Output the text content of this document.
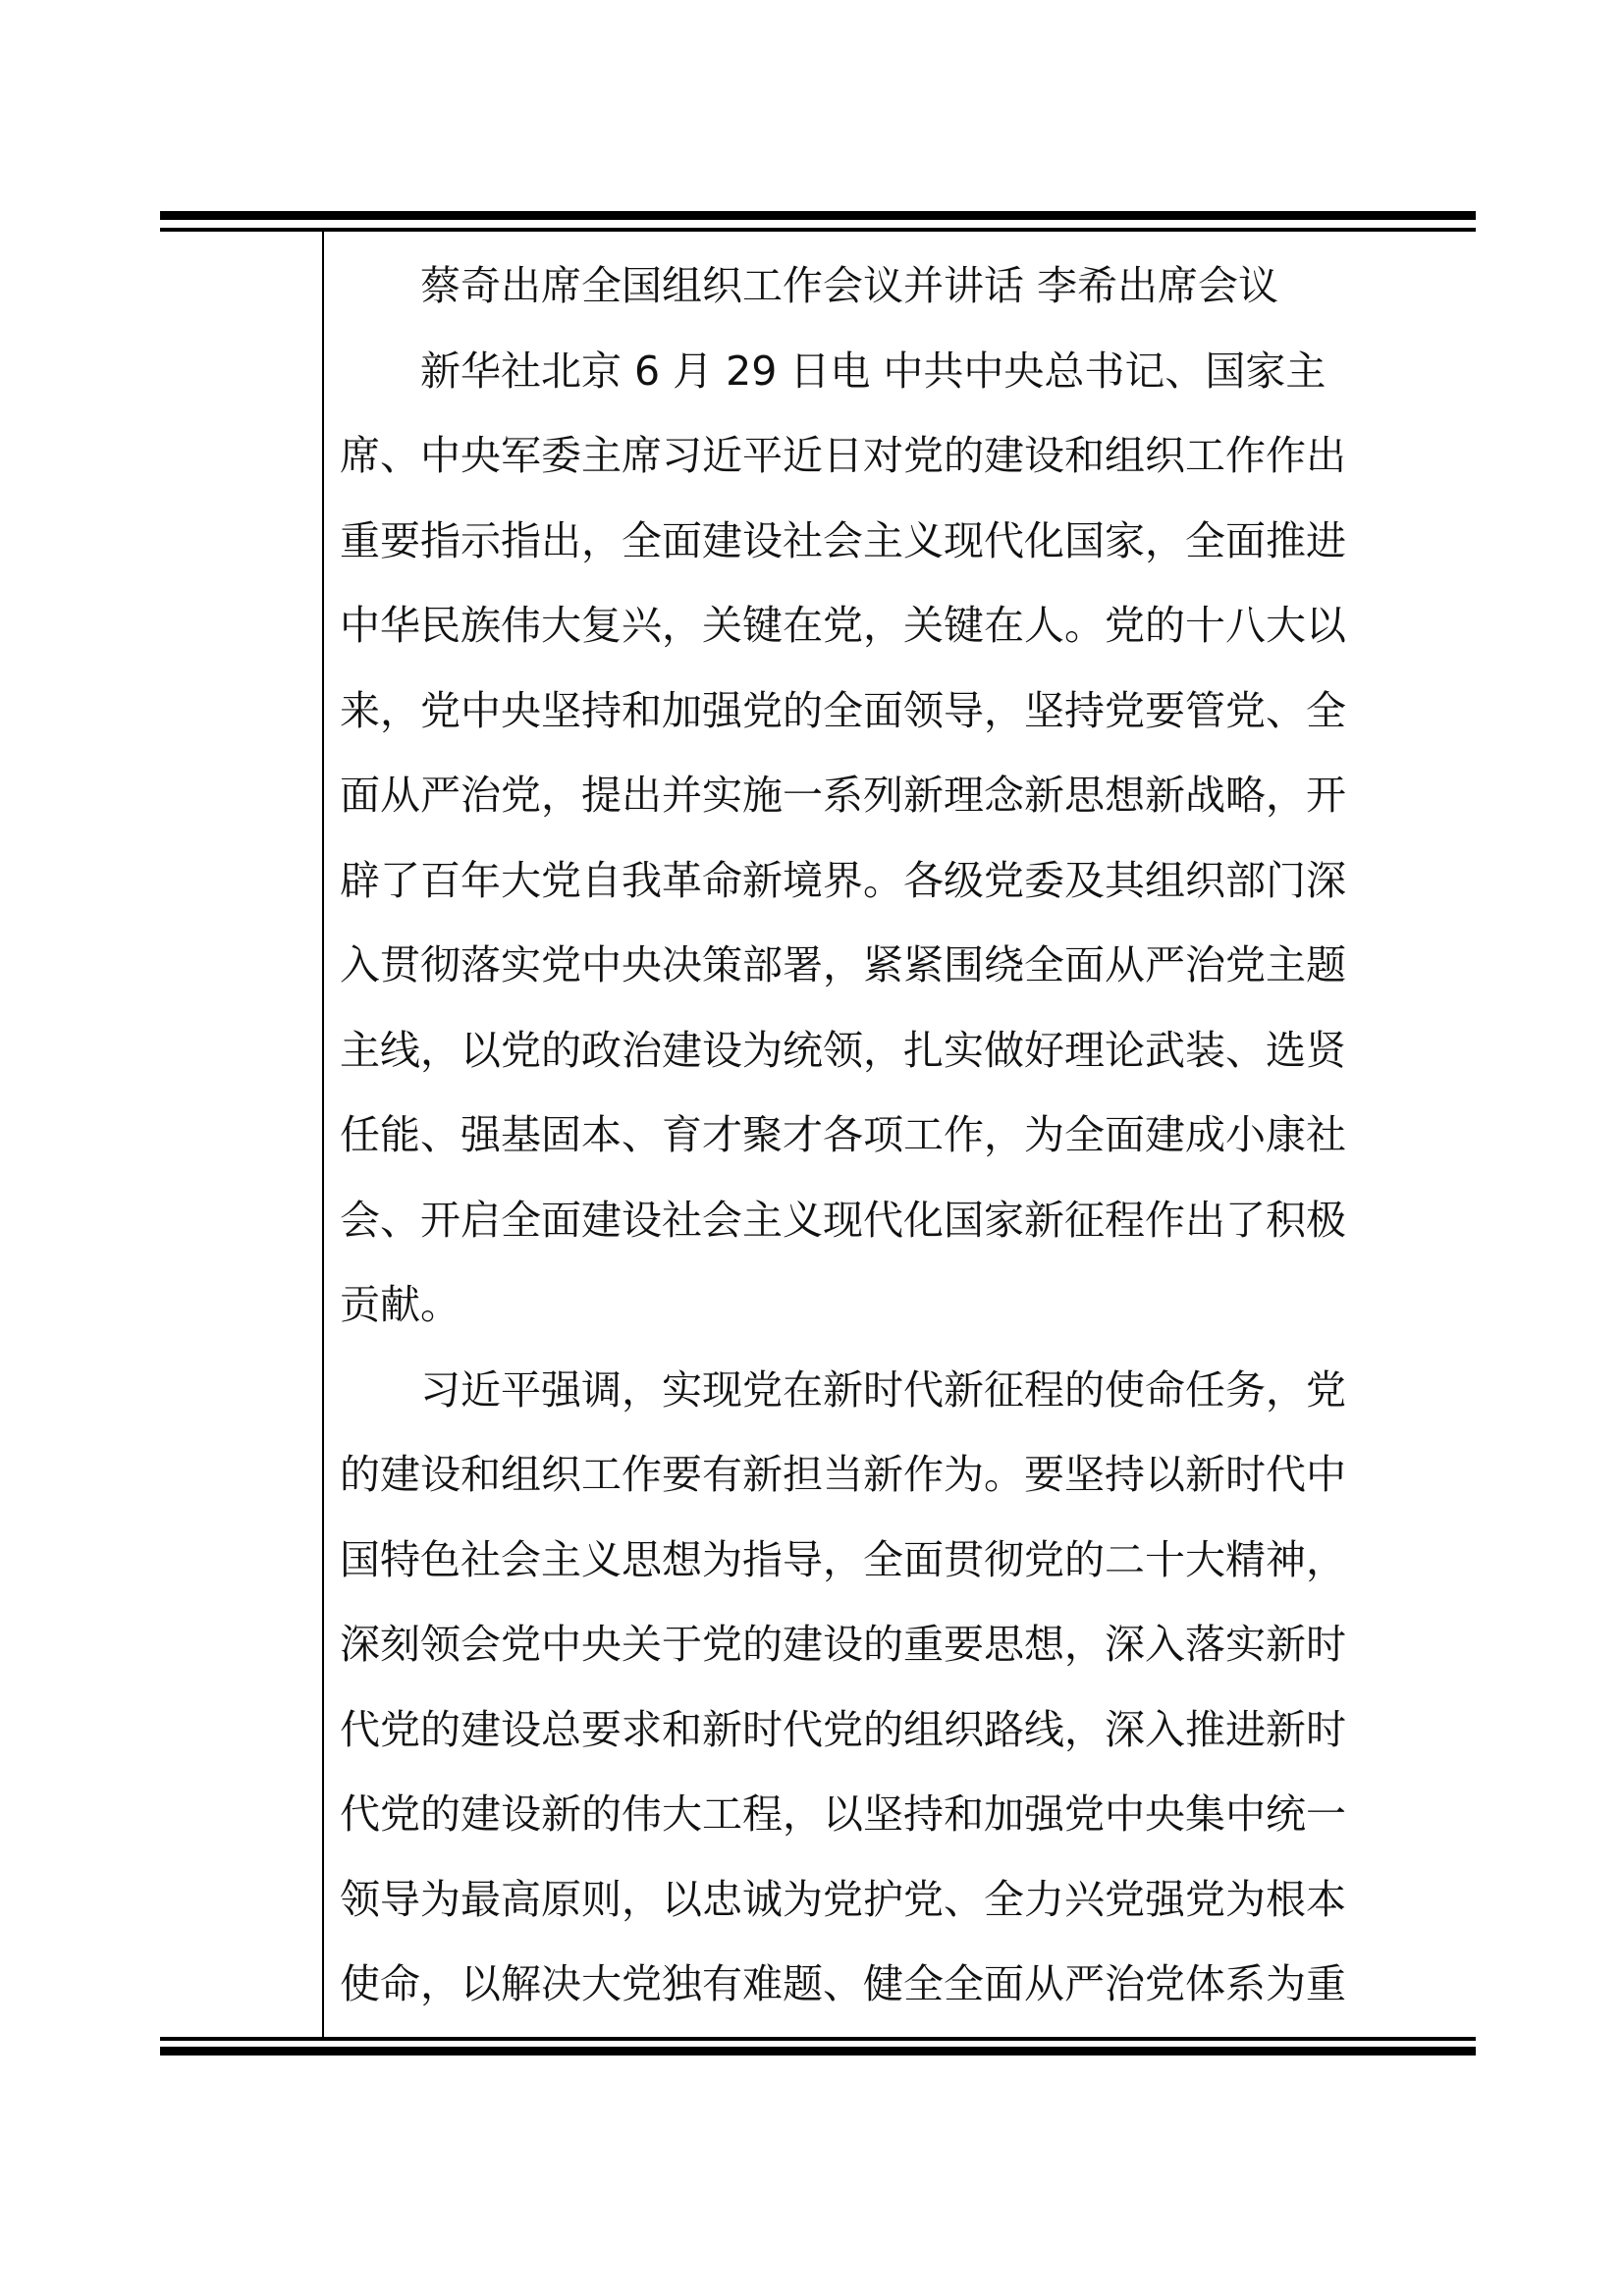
蔡奇出席全国组织工作会议并讲话 李希出席会议

新华社北京 6 月 29 日电 中共中央总书记、国家主
席、中央军委主席习近平近日对党的建设和组织工作作出
重要指示指出，全面建设社会主义现代化国家，全面推进
中华民族伟大复兴，关键在党，关键在人。党的十八大以
来，党中央坚持和加强党的全面领导，坚持党要管党、全
面从严治党，提出并实施一系列新理念新思想新战略，开
辟了百年大党自我革命新境界。各级党委及其组织部门深
入贯彻落实党中央决策部署，紧紧围绕全面从严治党主题
主线，以党的政治建设为统领，扎实做好理论武装、选贤
任能、强基固本、育才聚才各项工作，为全面建成小康社
会、开启全面建设社会主义现代化国家新征程作出了积极
贡献。

习近平强调，实现党在新时代新征程的使命任务，党
的建设和组织工作要有新担当新作为。要坚持以新时代中
国特色社会主义思想为指导，全面贯彻党的二十大精神，
深刻领会党中央关于党的建设的重要思想，深入落实新时
代党的建设总要求和新时代党的组织路线，深入推进新时
代党的建设新的伟大工程，以坚持和加强党中央集中统一
领导为最高原则，以忠诚为党护党、全力兴党强党为根本
使命，以解决大党独有难题、健全全面从严治党体系为重
